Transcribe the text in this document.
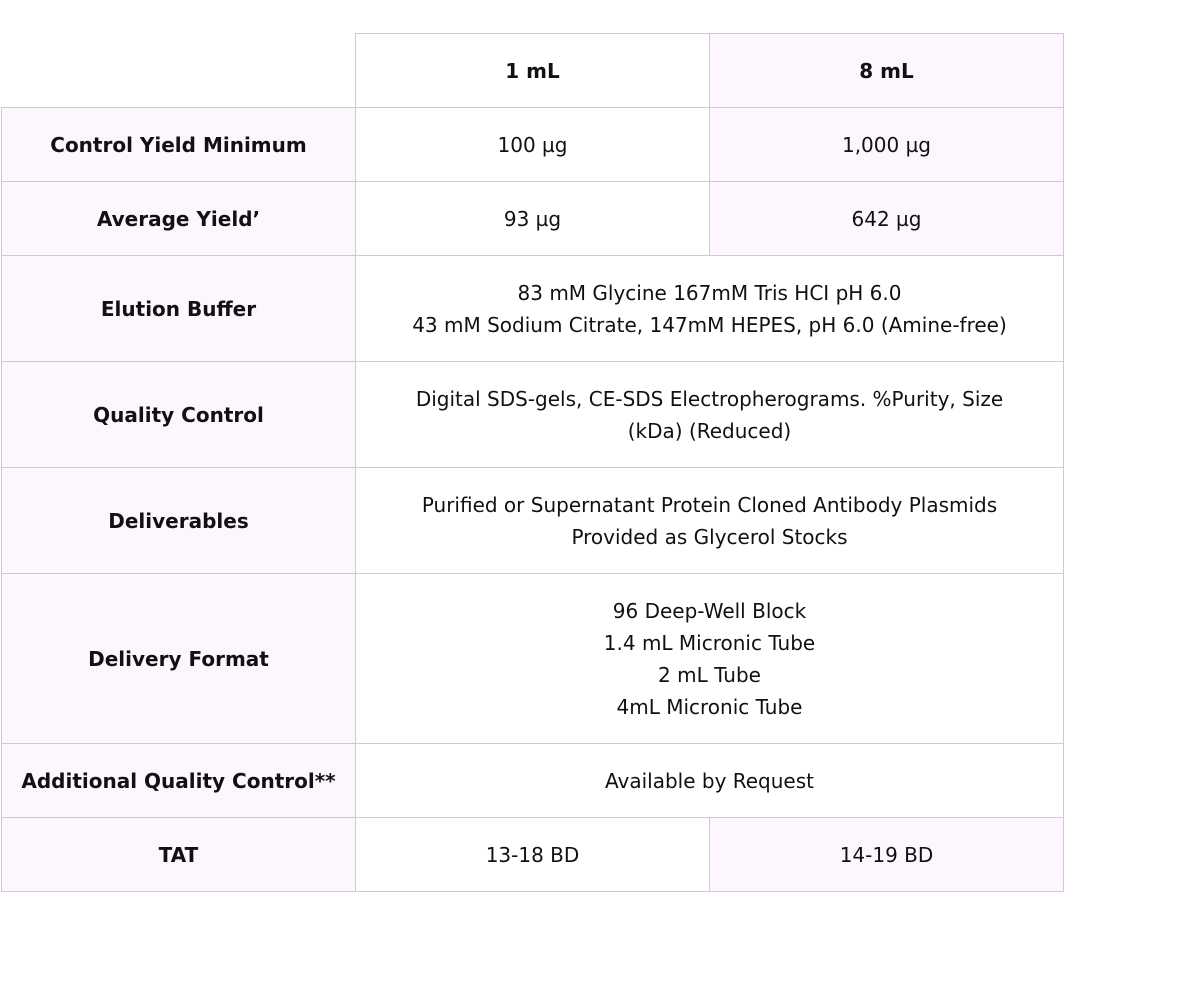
	1 mL	8 mL
Control Yield Minimum	100 µg	1,000 µg
Average Yield’	93 µg	642 µg
Elution Buffer	83 mM Glycine 167mM Tris HCI pH 6.0
43 mM Sodium Citrate, 147mM HEPES, pH 6.0 (Amine-free)	

Quality Control	Digital SDS-gels, CE-SDS Electropherograms. %Purity, Size (kDa) (Reduced)	
Deliverables	Purified or Supernatant Protein Cloned Antibody Plasmids Provided as Glycerol Stocks	
Delivery Format	96 Deep-Well Block
1.4 mL Micronic Tube
2 mL Tube
4mL Micronic Tube	

Additional Quality Control**	Available by Request	
TAT	13-18 BD	14-19 BD
